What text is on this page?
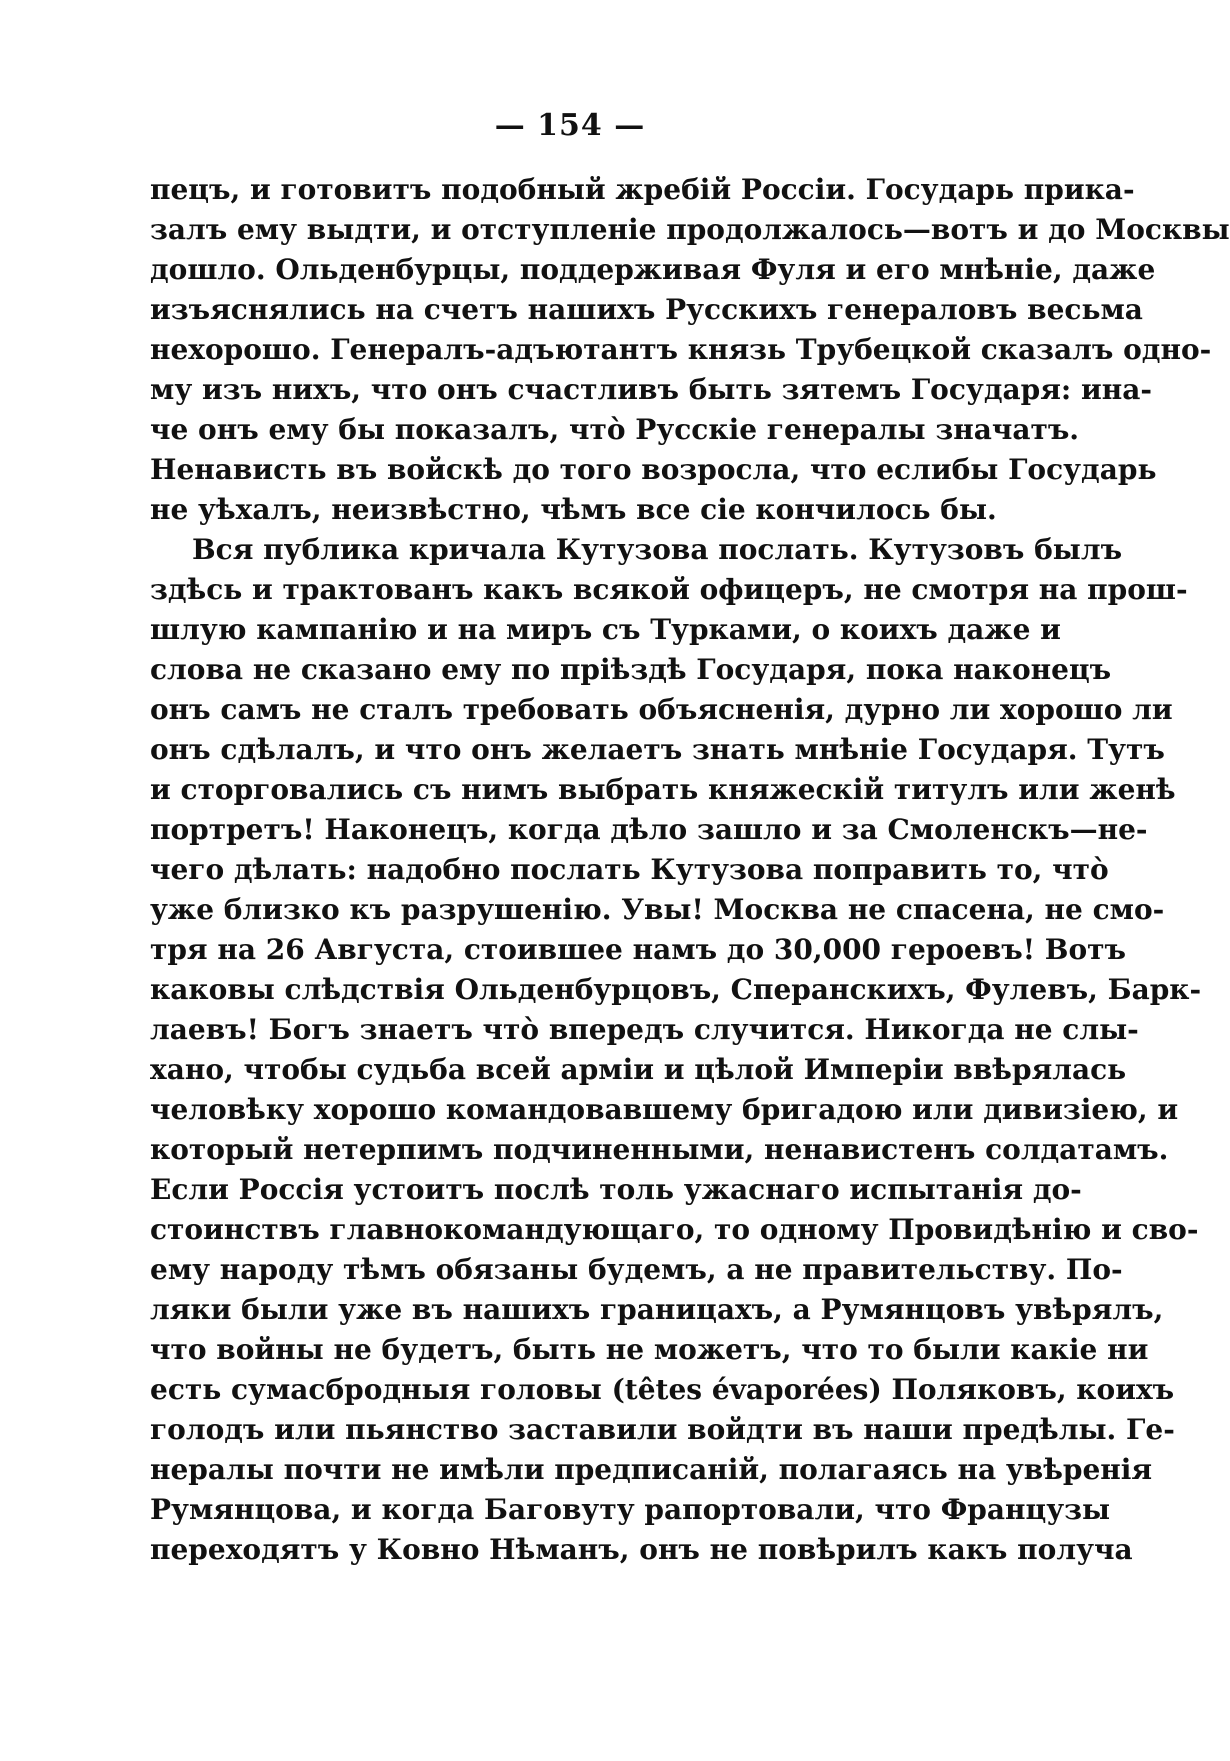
— 154 —
пецъ, и готовитъ подобный жребій Россіи. Государь прика-
залъ ему выдти, и отступленіе продолжалось—вотъ и до Москвы
дошло. Ольденбурцы, поддерживая Фуля и его мнѣніе, даже
изъяснялись на счетъ нашихъ Русскихъ генераловъ весьма
нехорошо. Генералъ-адъютантъ князь Трубецкой сказалъ одно-
му изъ нихъ, что онъ счастливъ быть зятемъ Государя: ина-
че онъ ему бы показалъ, что̀ Русскіе генералы значатъ.
Ненависть въ войскѣ до того возросла, что еслибы Государь
не уѣхалъ, неизвѣстно, чѣмъ все сіе кончилось бы.
Вся публика кричала Кутузова послать. Кутузовъ былъ
здѣсь и трактованъ какъ всякой офицеръ, не смотря на прош-
шлую кампанію и на миръ съ Турками, о коихъ даже и
слова не сказано ему по пріѣздѣ Государя, пока наконецъ
онъ самъ не сталъ требовать объясненія, дурно ли хорошо ли
онъ сдѣлалъ, и что онъ желаетъ знать мнѣніе Государя. Тутъ
и сторговались съ нимъ выбрать княжескій титулъ или женѣ
портретъ! Наконецъ, когда дѣло зашло и за Смоленскъ—не-
чего дѣлать: надобно послать Кутузова поправить то, что̀
уже близко къ разрушенію. Увы! Москва не спасена, не смо-
тря на 26 Августа, стоившее намъ до 30,000 героевъ! Вотъ
каковы слѣдствія Ольденбурцовъ, Сперанскихъ, Фулевъ, Барк-
лаевъ! Богъ знаетъ что̀ впередъ случится. Никогда не слы-
хано, чтобы судьба всей арміи и цѣлой Имперіи ввѣрялась
человѣку хорошо командовавшему бригадою или дивизіею, и
который нетерпимъ подчиненными, ненавистенъ солдатамъ.
Если Россія устоитъ послѣ толь ужаснаго испытанія до-
стоинствъ главнокомандующаго, то одному Провидѣнію и сво-
ему народу тѣмъ обязаны будемъ, а не правительству. По-
ляки были уже въ нашихъ границахъ, а Румянцовъ увѣрялъ,
что войны не будетъ, быть не можетъ, что то были какіе ни
есть сумасбродныя головы (têtes évaporées) Поляковъ, коихъ
голодъ или пьянство заставили войдти въ наши предѣлы. Ге-
нералы почти не имѣли предписаній, полагаясь на увѣренія
Румянцова, и когда Баговуту рапортовали, что Французы
переходятъ у Ковно Нѣманъ, онъ не повѣрилъ какъ получа
